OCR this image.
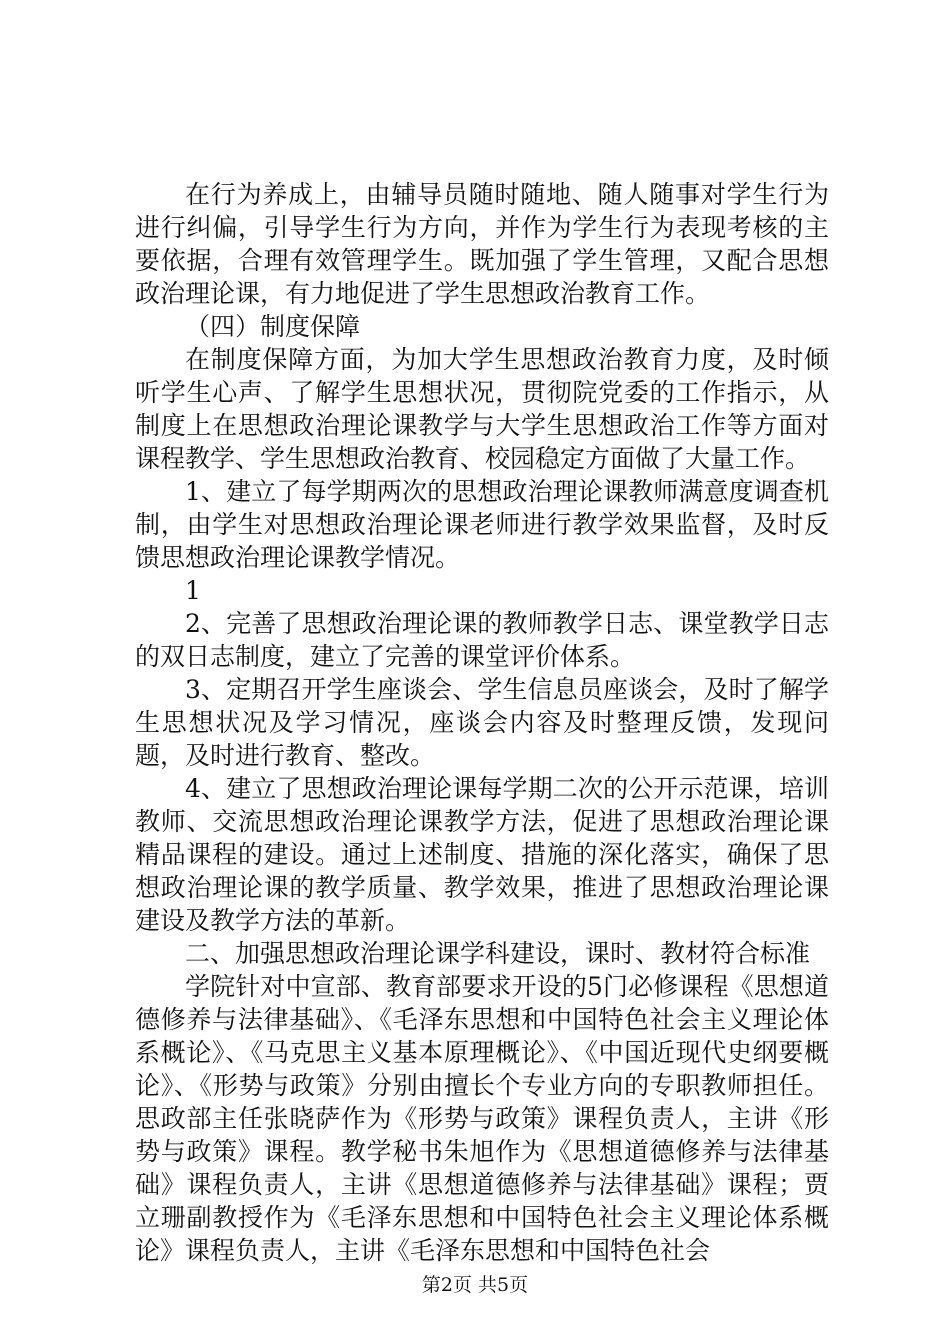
在行为养成上，由辅导员随时随地、随人随事对学生行为进行纠偏，引导学生行为方向，并作为学生行为表现考核的主要依据，合理有效管理学生。既加强了学生管理，又配合思想政治理论课，有力地促进了学生思想政治教育工作。

（四）制度保障

在制度保障方面，为加大学生思想政治教育力度，及时倾听学生心声、了解学生思想状况，贯彻院党委的工作指示，从制度上在思想政治理论课教学与大学生思想政治工作等方面对课程教学、学生思想政治教育、校园稳定方面做了大量工作。

1、建立了每学期两次的思想政治理论课教师满意度调查机制，由学生对思想政治理论课老师进行教学效果监督，及时反馈思想政治理论课教学情况。

1

2、完善了思想政治理论课的教师教学日志、课堂教学日志的双日志制度，建立了完善的课堂评价体系。

3、定期召开学生座谈会、学生信息员座谈会，及时了解学生思想状况及学习情况，座谈会内容及时整理反馈，发现问题，及时进行教育、整改。

4、建立了思想政治理论课每学期二次的公开示范课，培训教师、交流思想政治理论课教学方法，促进了思想政治理论课精品课程的建设。通过上述制度、措施的深化落实，确保了思想政治理论课的教学质量、教学效果，推进了思想政治理论课建设及教学方法的革新。

二、加强思想政治理论课学科建设，课时、教材符合标准

学院针对中宣部、教育部要求开设的5门必修课程《思想道德修养与法律基础》、《毛泽东思想和中国特色社会主义理论体系概论》、《马克思主义基本原理概论》、《中国近现代史纲要概论》、《形势与政策》分别由擅长个专业方向的专职教师担任。思政部主任张晓萨作为《形势与政策》课程负责人，主讲《形势与政策》课程。教学秘书朱旭作为《思想道德修养与法律基础》课程负责人，主讲《思想道德修养与法律基础》课程；贾立珊副教授作为《毛泽东思想和中国特色社会主义理论体系概论》课程负责人，主讲《毛泽东思想和中国特色社会

第2页 共5页
